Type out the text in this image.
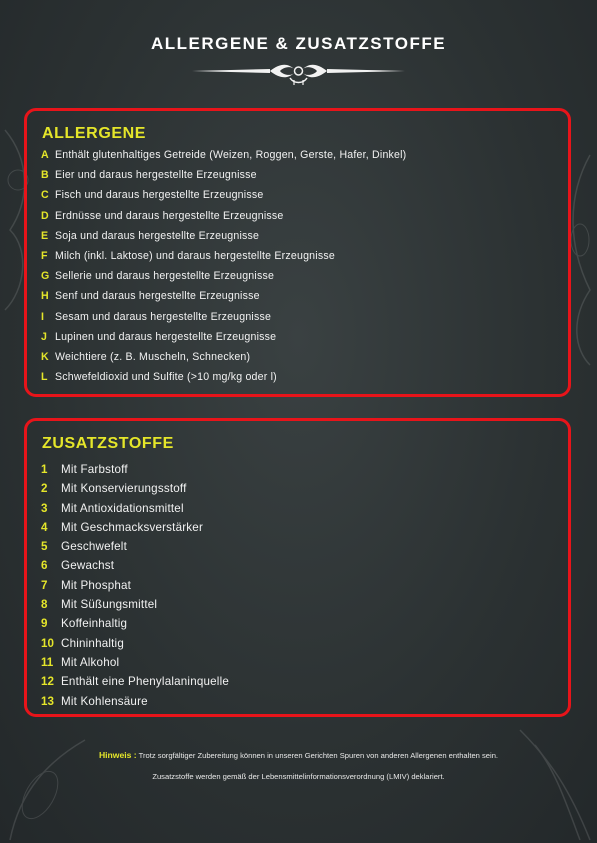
ALLERGENE & ZUSATZSTOFFE
ALLERGENE
A Enthält glutenhaltiges Getreide (Weizen, Roggen, Gerste, Hafer, Dinkel)
B Eier und daraus hergestellte Erzeugnisse
C Fisch und daraus hergestellte Erzeugnisse
D Erdnüsse und daraus hergestellte Erzeugnisse
E Soja und daraus hergestellte Erzeugnisse
F Milch (inkl. Laktose) und daraus hergestellte Erzeugnisse
G Sellerie und daraus hergestellte Erzeugnisse
H Senf und daraus hergestellte Erzeugnisse
I	Sesam und daraus hergestellte Erzeugnisse
J Lupinen und daraus hergestellte Erzeugnisse
K Weichtiere (z. B. Muscheln, Schnecken)
L Schwefeldioxid und Sulfite (>10 mg/kg oder l)
ZUSATZSTOFFE
1	Mit Farbstoff
2	Mit Konservierungsstoff
3	Mit Antioxidationsmittel
4	Mit Geschmacksverstärker
5	Geschwefelt
6	Gewachst
7	Mit Phosphat
8	Mit Süßungsmittel
9	Koffeinhaltig
10 Chininhaltig
11 Mit Alkohol
12 Enthält eine Phenylalaninquelle
13 Mit Kohlensäure
Hinweis : Trotz sorgfältiger Zubereitung können in unseren Gerichten Spuren von anderen Allergenen enthalten sein.
Zusatzstoffe werden gemäß der Lebensmittelinformationsverordnung (LMIV) deklariert.
